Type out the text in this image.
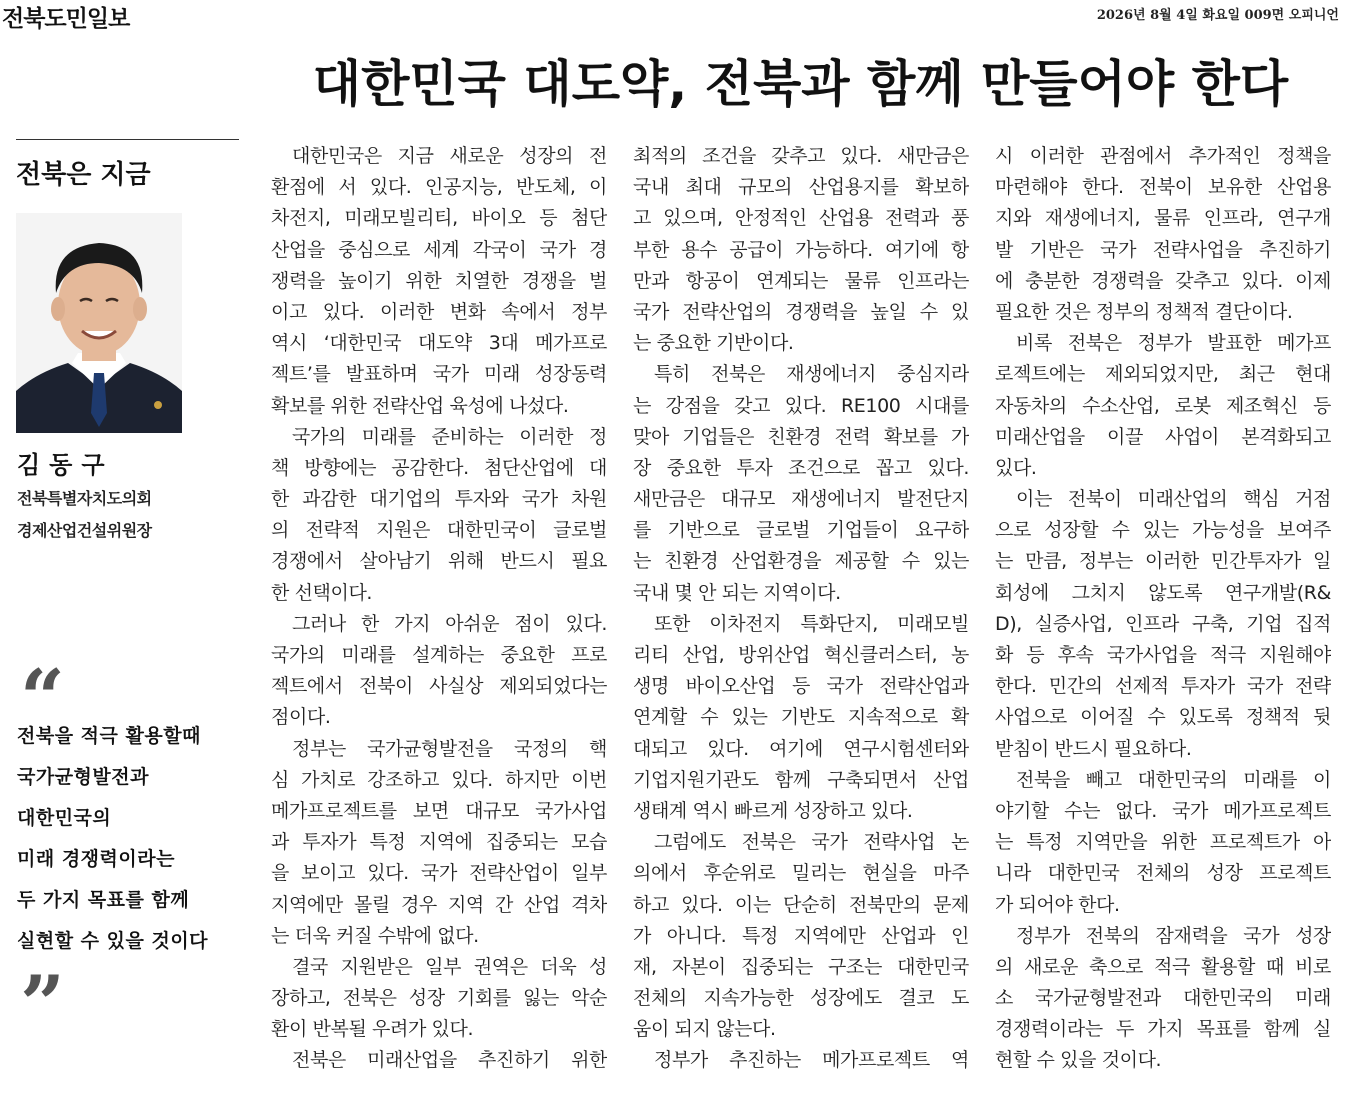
전북도민일보	2026년 8월 4일 화요일 009면 오피니언
대한민국 대도약, 전북과 함께 만들어야 한다
전북은 지금
김동구
전북특별자치도의회
경제산업건설위원장
“
전북을 적극 활용할때
국가균형발전과
대한민국의
미래 경쟁력이라는
두 가지 목표를 함께
실현할 수 있을 것이다
”
대한민국은 지금 새로운 성장의 전
환점에 서 있다. 인공지능, 반도체, 이
차전지, 미래모빌리티, 바이오 등 첨단
산업을 중심으로 세계 각국이 국가 경
쟁력을 높이기 위한 치열한 경쟁을 벌
이고 있다. 이러한 변화 속에서 정부
역시 ‘대한민국 대도약 3대 메가프로
젝트’를 발표하며 국가 미래 성장동력
확보를 위한 전략산업 육성에 나섰다.
국가의 미래를 준비하는 이러한 정
책 방향에는 공감한다. 첨단산업에 대
한 과감한 대기업의 투자와 국가 차원
의 전략적 지원은 대한민국이 글로벌
경쟁에서 살아남기 위해 반드시 필요
한 선택이다.
그러나 한 가지 아쉬운 점이 있다.
국가의 미래를 설계하는 중요한 프로
젝트에서 전북이 사실상 제외되었다는
점이다.
정부는 국가균형발전을 국정의 핵
심 가치로 강조하고 있다. 하지만 이번
메가프로젝트를 보면 대규모 국가사업
과 투자가 특정 지역에 집중되는 모습
을 보이고 있다. 국가 전략산업이 일부
지역에만 몰릴 경우 지역 간 산업 격차
는 더욱 커질 수밖에 없다.
결국 지원받은 일부 권역은 더욱 성
장하고, 전북은 성장 기회를 잃는 악순
환이 반복될 우려가 있다.
전북은 미래산업을 추진하기 위한
최적의 조건을 갖추고 있다. 새만금은
국내 최대 규모의 산업용지를 확보하
고 있으며, 안정적인 산업용 전력과 풍
부한 용수 공급이 가능하다. 여기에 항
만과 항공이 연계되는 물류 인프라는
국가 전략산업의 경쟁력을 높일 수 있
는 중요한 기반이다.
특히 전북은 재생에너지 중심지라
는 강점을 갖고 있다. RE100 시대를
맞아 기업들은 친환경 전력 확보를 가
장 중요한 투자 조건으로 꼽고 있다.
새만금은 대규모 재생에너지 발전단지
를 기반으로 글로벌 기업들이 요구하
는 친환경 산업환경을 제공할 수 있는
국내 몇 안 되는 지역이다.
또한 이차전지 특화단지, 미래모빌
리티 산업, 방위산업 혁신클러스터, 농
생명 바이오산업 등 국가 전략산업과
연계할 수 있는 기반도 지속적으로 확
대되고 있다. 여기에 연구시험센터와
기업지원기관도 함께 구축되면서 산업
생태계 역시 빠르게 성장하고 있다.
그럼에도 전북은 국가 전략사업 논
의에서 후순위로 밀리는 현실을 마주
하고 있다. 이는 단순히 전북만의 문제
가 아니다. 특정 지역에만 산업과 인
재, 자본이 집중되는 구조는 대한민국
전체의 지속가능한 성장에도 결코 도
움이 되지 않는다.
정부가 추진하는 메가프로젝트 역
시 이러한 관점에서 추가적인 정책을
마련해야 한다. 전북이 보유한 산업용
지와 재생에너지, 물류 인프라, 연구개
발 기반은 국가 전략사업을 추진하기
에 충분한 경쟁력을 갖추고 있다. 이제
필요한 것은 정부의 정책적 결단이다.
비록 전북은 정부가 발표한 메가프
로젝트에는 제외되었지만, 최근 현대
자동차의 수소산업, 로봇 제조혁신 등
미래산업을 이끌 사업이 본격화되고
있다.
이는 전북이 미래산업의 핵심 거점
으로 성장할 수 있는 가능성을 보여주
는 만큼, 정부는 이러한 민간투자가 일
회성에 그치지 않도록 연구개발(R&
D), 실증사업, 인프라 구축, 기업 집적
화 등 후속 국가사업을 적극 지원해야
한다. 민간의 선제적 투자가 국가 전략
사업으로 이어질 수 있도록 정책적 뒷
받침이 반드시 필요하다.
전북을 빼고 대한민국의 미래를 이
야기할 수는 없다. 국가 메가프로젝트
는 특정 지역만을 위한 프로젝트가 아
니라 대한민국 전체의 성장 프로젝트
가 되어야 한다.
정부가 전북의 잠재력을 국가 성장
의 새로운 축으로 적극 활용할 때 비로
소 국가균형발전과 대한민국의 미래
경쟁력이라는 두 가지 목표를 함께 실
현할 수 있을 것이다.
